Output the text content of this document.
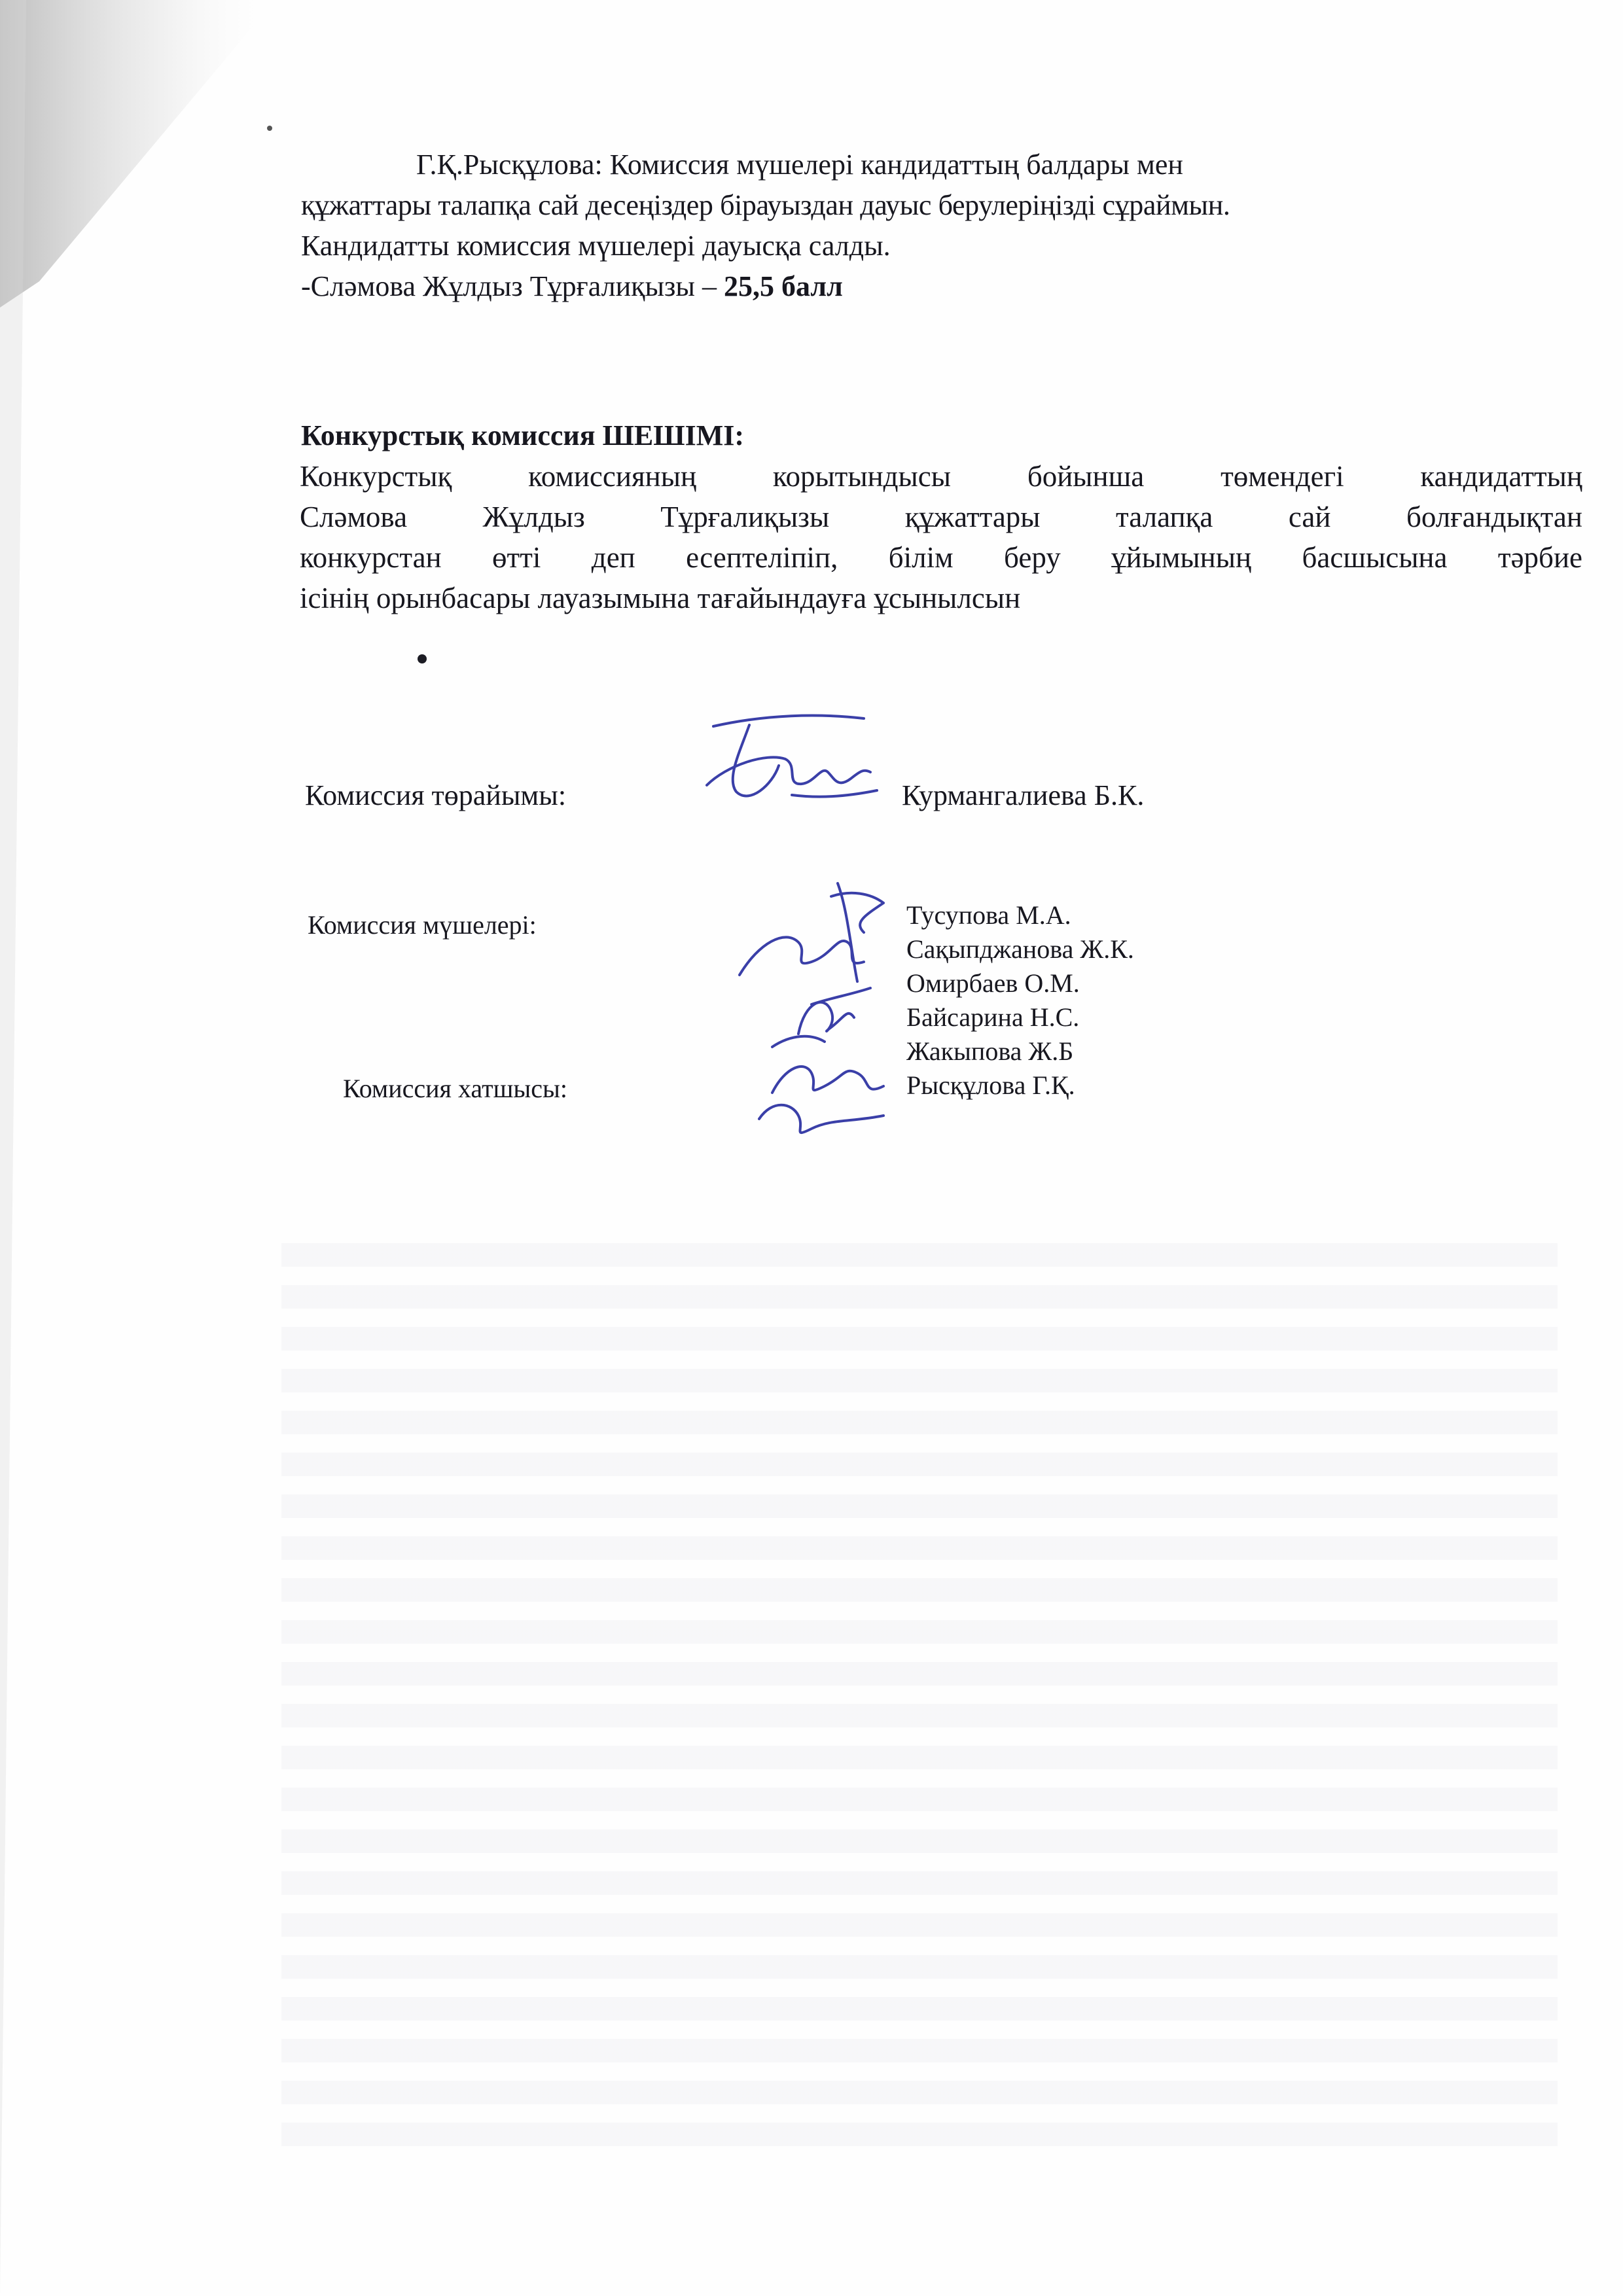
Г.Қ.Рысқұлова: Комиссия мүшелері кандидаттың балдары мен

құжаттары талапқа сай десеңіздер бірауыздан дауыс берулеріңізді сұраймын.

Кандидатты комиссия мүшелері дауысқа салды.

-Сләмова Жұлдыз Тұрғалиқызы – 25,5 балл

Конкурстық комиссия ШЕШІМІ:

Конкурстық комиссияның корытындысы бойынша төмендегі кандидаттың

Сләмова Жұлдыз Тұрғалиқызы құжаттары талапқа сай болғандықтан

конкурстан өтті деп есептеліпіп, білім беру ұйымының басшысына тәрбие

ісінің орынбасары лауазымына тағайындауға ұсынылсын

Комиссия төрайымы:	Курмангалиева Б.К.
Комиссия мүшелері:	Тусупова М.А.
Сақыпджанова Ж.К.
Омирбаев О.М.
Байсарина Н.С.
Жакыпова Ж.Б
Комиссия хатшысы:	Рысқұлова Г.Қ.
